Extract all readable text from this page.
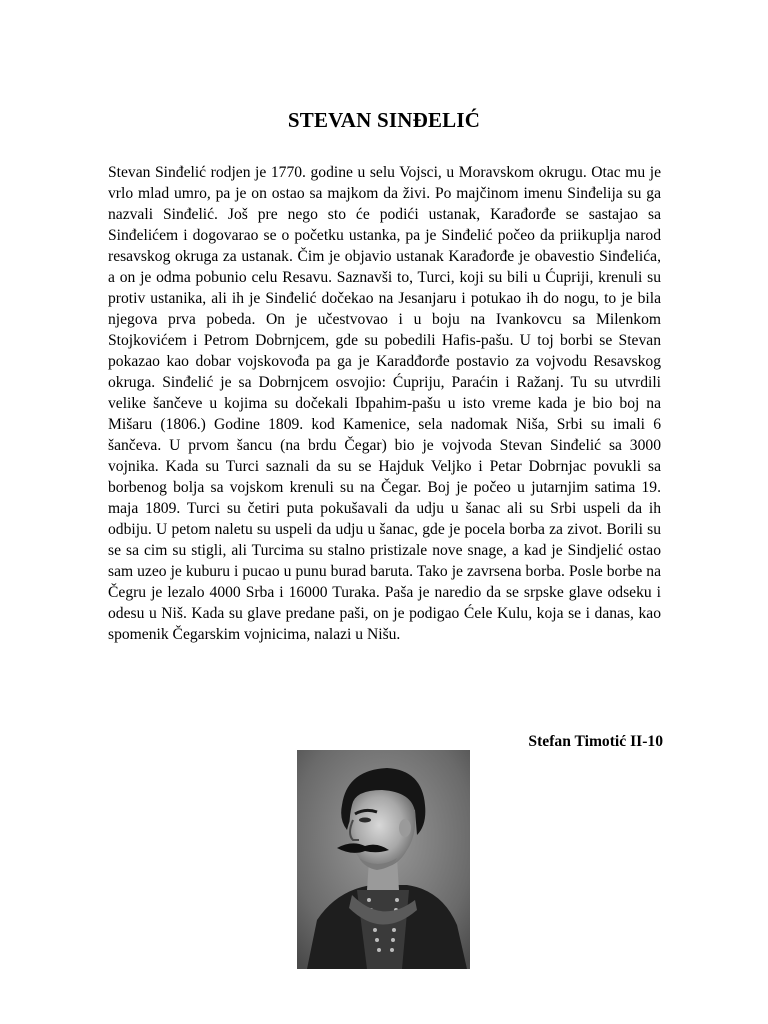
STEVAN SINĐELIĆ

Stevan Sinđelić rodjen je 1770. godine u selu Vojsci, u Moravskom okrugu. Otac mu je vrlo mlad umro, pa je on ostao sa majkom da živi. Po majčinom imenu Sinđelija su ga nazvali Sinđelić. Još pre nego sto će podići ustanak, Karađorđe se sastajao sa Sinđelićem i dogovarao se o početku ustanka, pa je Sinđelić počeo da priikuplja narod resavskog okruga za ustanak. Čim je objavio ustanak Karađorđe je obavestio Sinđelića, a on je odma pobunio celu Resavu. Saznavši to, Turci, koji su bili u Ćupriji, krenuli su protiv ustanika, ali ih je Sinđelić dočekao na Jesanjaru i potukao ih do nogu, to je bila njegova prva pobeda. On je učestvovao i u boju na Ivankovcu sa Milenkom Stojkovićem i Petrom Dobrnjcem, gde su pobedili Hafis-pašu. U toj borbi se Stevan pokazao kao dobar vojskovođa pa ga je Karadđorđe postavio za vojvodu Resavskog okruga. Sinđelić je sa Dobrnjcem osvojio: Ćupriju, Paraćin i Ražanj. Tu su utvrdili velike šančeve u kojima su dočekali Ibpahim-pašu u isto vreme kada je bio boj na Mišaru (1806.) Godine 1809. kod Kamenice, sela nadomak Niša, Srbi su imali 6 šančeva. U prvom šancu (na brdu Čegar) bio je vojvoda Stevan Sinđelić sa 3000 vojnika. Kada su Turci saznali da su se Hajduk Veljko i Petar Dobrnjac povukli sa borbenog bolja sa vojskom krenuli su na Čegar. Boj je počeo u jutarnjim satima 19. maja 1809. Turci su četiri puta pokušavali da udju u šanac ali su Srbi uspeli da ih odbiju. U petom naletu su uspeli da udju u šanac, gde je pocela borba za zivot. Borili su se sa cim su stigli, ali Turcima su stalno pristizale nove snage, a kad je Sindjelić ostao sam uzeo je kuburu i pucao u punu burad baruta. Tako je zavrsena borba. Posle borbe na Čegru je lezalo 4000 Srba i 16000 Turaka. Paša je naredio da se srpske glave odseku i odesu u Niš. Kada su glave predane paši, on je podigao Ćele Kulu, koja se i danas, kao spomenik Čegarskim vojnicima, nalazi u Nišu.

Stefan Timotić II-10
